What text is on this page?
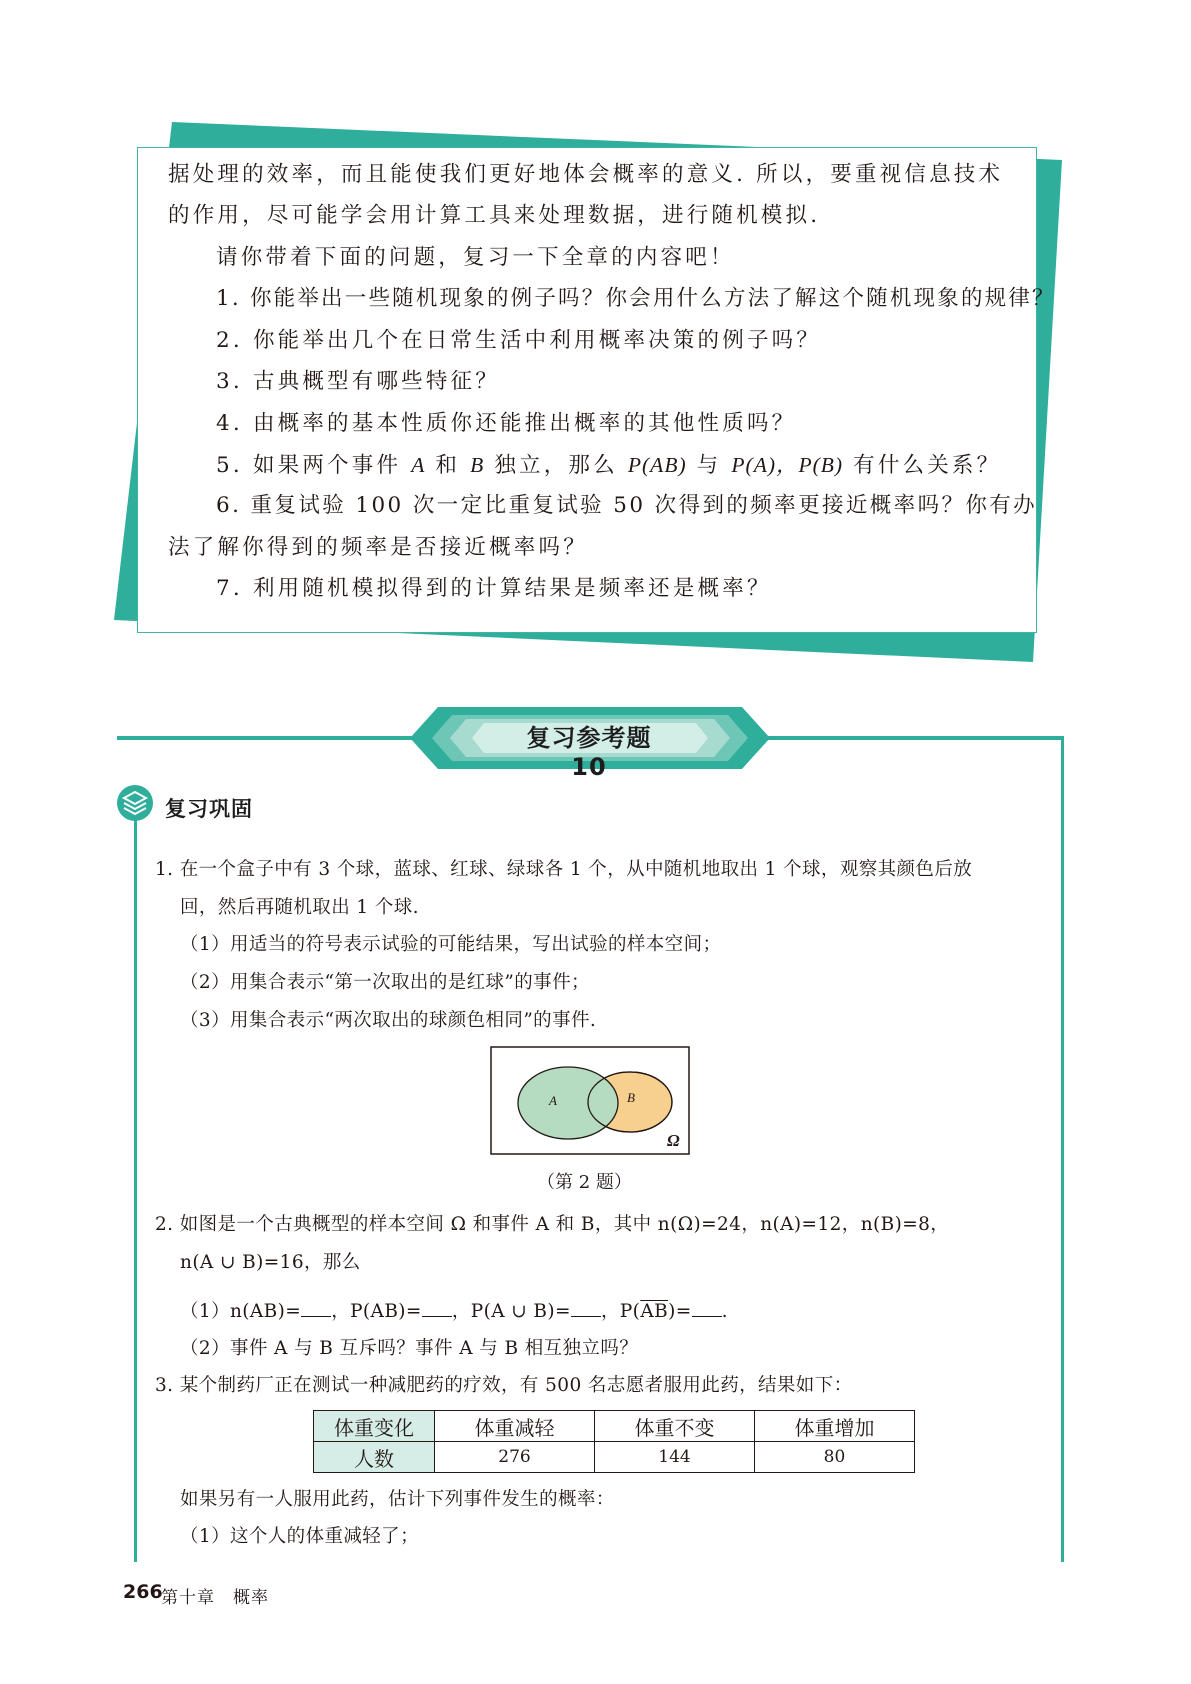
据处理的效率，而且能使我们更好地体会概率的意义. 所以，要重视信息技术
的作用，尽可能学会用计算工具来处理数据，进行随机模拟.
请你带着下面的问题，复习一下全章的内容吧！
1. 你能举出一些随机现象的例子吗？你会用什么方法了解这个随机现象的规律？
2. 你能举出几个在日常生活中利用概率决策的例子吗？
3. 古典概型有哪些特征？
4. 由概率的基本性质你还能推出概率的其他性质吗？
5. 如果两个事件 A 和 B 独立，那么 P(AB) 与 P(A)，P(B) 有什么关系？
6. 重复试验 100 次一定比重复试验 50 次得到的频率更接近概率吗？你有办
法了解你得到的频率是否接近概率吗？
7. 利用随机模拟得到的计算结果是频率还是概率？
复习参考题 10
复习巩固
1. 在一个盒子中有 3 个球，蓝球、红球、绿球各 1 个，从中随机地取出 1 个球，观察其颜色后放
回，然后再随机取出 1 个球.
（1）用适当的符号表示试验的可能结果，写出试验的样本空间；
（2）用集合表示“第一次取出的是红球”的事件；
（3）用集合表示“两次取出的球颜色相同”的事件.
A	B
Ω
（第 2 题）
2. 如图是一个古典概型的样本空间 Ω 和事件 A 和 B，其中 n(Ω)=24，n(A)=12，n(B)=8，
n(A ∪ B)=16，那么
（1）n(AB)= ，P(AB)= ，P(A ∪ B)= ，$P(\overline{A}\overline{B})=$ .
（2）事件 A 与 B 互斥吗？事件 A 与 B 相互独立吗？
3. 某个制药厂正在测试一种减肥药的疗效，有 500 名志愿者服用此药，结果如下：
体重变化	体重减轻	体重不变	体重增加
人数	276	144	80
如果另有一人服用此药，估计下列事件发生的概率：
（1）这个人的体重减轻了；
266
第十章　概率
